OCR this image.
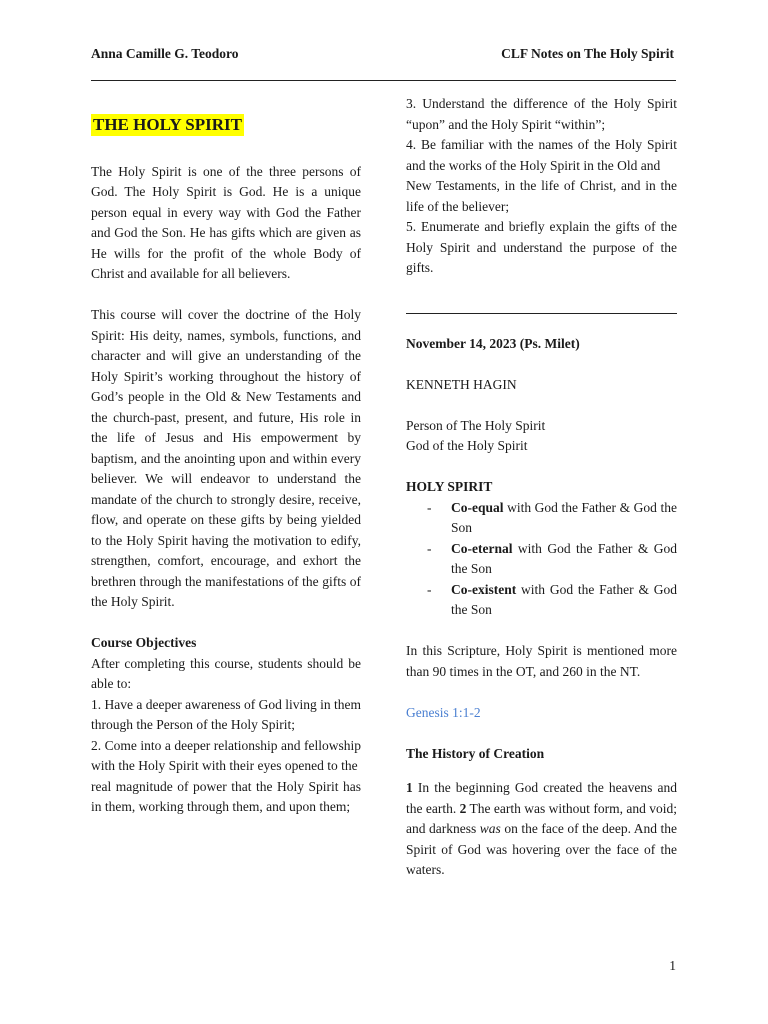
Anna Camille G. Teodoro	CLF Notes on The Holy Spirit
THE HOLY SPIRIT

The Holy Spirit is one of the three persons of God. The Holy Spirit is God. He is a unique person equal in every way with God the Father and God the Son. He has gifts which are given as He wills for the profit of the whole Body of Christ and available for all believers.

This course will cover the doctrine of the Holy Spirit: His deity, names, symbols, functions, and character and will give an understanding of the Holy Spirit’s working throughout the history of God’s people in the Old & New Testaments and the church-past, present, and future, His role in the life of Jesus and His empowerment by baptism, and the anointing upon and within every believer. We will endeavor to understand the mandate of the church to strongly desire, receive, flow, and operate on these gifts by being yielded to the Holy Spirit having the motivation to edify, strengthen, comfort, encourage, and exhort the brethren through the manifestations of the gifts of the Holy Spirit.

Course Objectives

After completing this course, students should be able to:

1. Have a deeper awareness of God living in them through the Person of the Holy Spirit;

2. Come into a deeper relationship and fellowship with the Holy Spirit with their eyes opened to the

real magnitude of power that the Holy Spirit has in them, working through them, and upon them;

3. Understand the difference of the Holy Spirit “upon” and the Holy Spirit “within”;

4. Be familiar with the names of the Holy Spirit and the works of the Holy Spirit in the Old and

New Testaments, in the life of Christ, and in the life of the believer;

5. Enumerate and briefly explain the gifts of the Holy Spirit and understand the purpose of the gifts.

November 14, 2023 (Ps. Milet)

KENNETH HAGIN

Person of The Holy Spirit

God of the Holy Spirit

HOLY SPIRIT

- Co-equal with God the Father & God the Son
- Co-eternal with God the Father & God the Son
- Co-existent with God the Father & God the Son

In this Scripture, Holy Spirit is mentioned more than 90 times in the OT, and 260 in the NT.

Genesis 1:1-2

The History of Creation

1 In the beginning God created the heavens and the earth. 2 The earth was without form, and void; and darkness was on the face of the deep. And the Spirit of God was hovering over the face of the waters.

1
